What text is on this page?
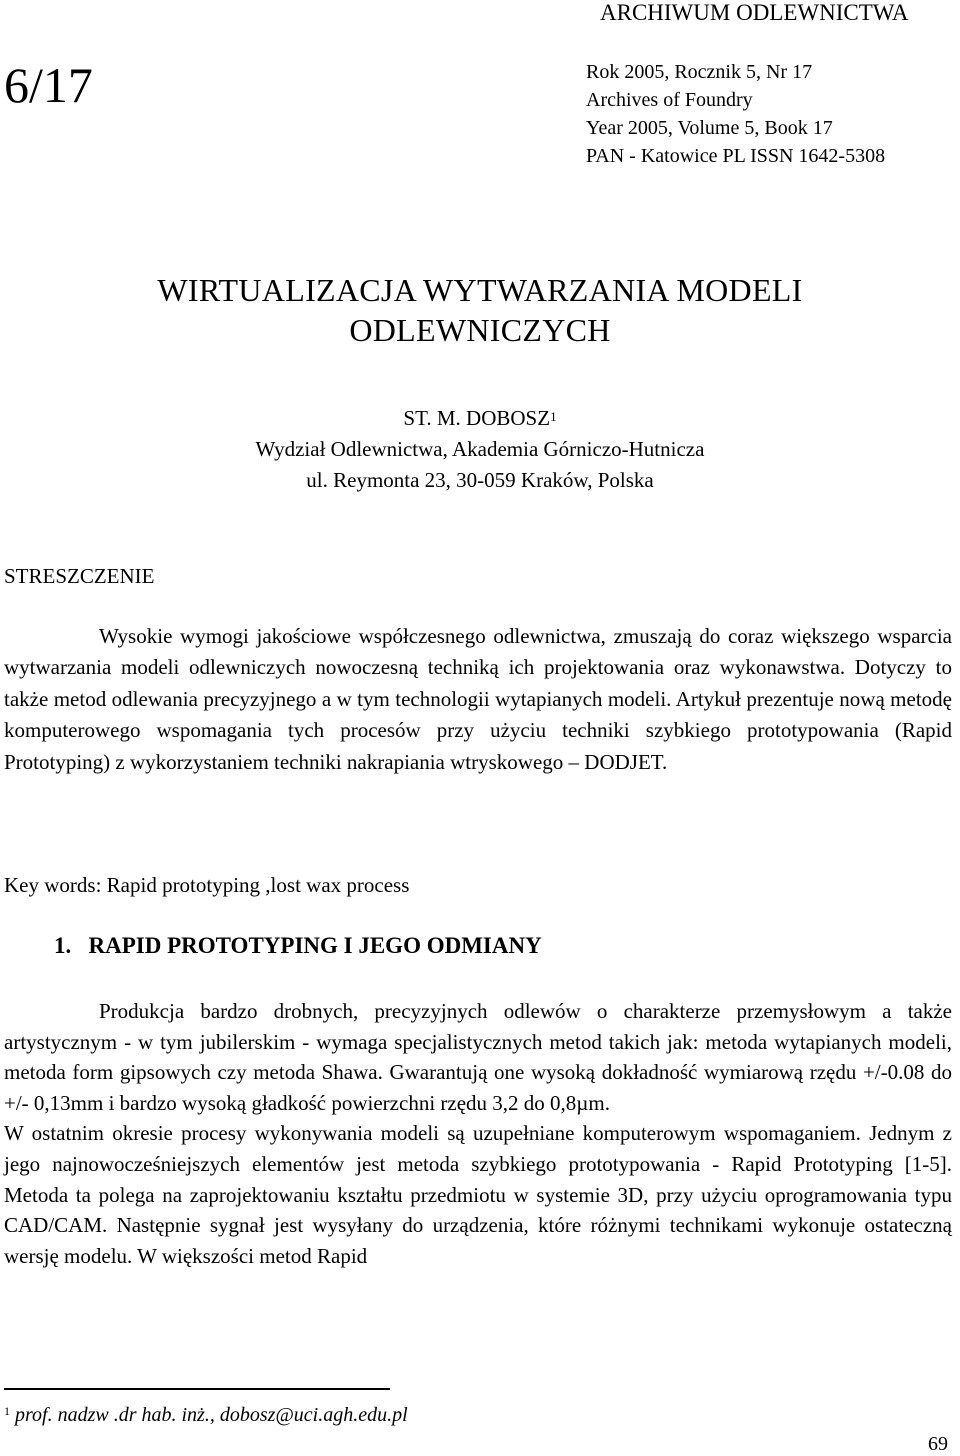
ARCHIWUM ODLEWNICTWA
6/17	Rok 2005, Rocznik 5, Nr 17
Archives of Foundry
Year 2005, Volume 5, Book 17
PAN - Katowice PL ISSN 1642-5308
WIRTUALIZACJA WYTWARZANIA MODELI
ODLEWNICZYCH
ST. M. DOBOSZ$^1$
Wydział Odlewnictwa, Akademia Górniczo-Hutnicza
ul. Reymonta 23, 30-059 Kraków, Polska
STRESZCZENIE
Wysokie wymogi jakościowe współczesnego odlewnictwa, zmuszają do coraz większego wsparcia wytwarzania modeli odlewniczych nowoczesną techniką ich projektowania oraz wykonawstwa. Dotyczy to także metod odlewania precyzyjnego a w tym technologii wytapianych modeli. Artykuł prezentuje nową metodę komputerowego wspomagania tych procesów przy użyciu techniki szybkiego prototypowania (Rapid Prototyping) z wykorzystaniem techniki nakrapiania wtryskowego – DODJET.
Key words: Rapid prototyping ,lost wax process
1. RAPID PROTOTYPING I JEGO ODMIANY
Produkcja bardzo drobnych, precyzyjnych odlewów o charakterze przemysłowym a także artystycznym - w tym jubilerskim - wymaga specjalistycznych metod takich jak: metoda wytapianych modeli, metoda form gipsowych czy metoda Shawa. Gwarantują one wysoką dokładność wymiarową rzędu +/-0.08 do +/- 0,13mm i bardzo wysoką gładkość powierzchni rzędu 3,2 do 0,8µm.
W ostatnim okresie procesy wykonywania modeli są uzupełniane komputerowym wspomaganiem. Jednym z jego najnowocześniejszych elementów jest metoda szybkiego prototypowania - Rapid Prototyping [1-5]. Metoda ta polega na zaprojektowaniu kształtu przedmiotu w systemie 3D, przy użyciu oprogramowania typu CAD/CAM. Następnie sygnał jest wysyłany do urządzenia, które różnymi technikami wykonuje ostateczną wersję modelu. W większości metod Rapid
$^1$ prof. nadzw .dr hab. inż., dobosz@uci.agh.edu.pl
69
